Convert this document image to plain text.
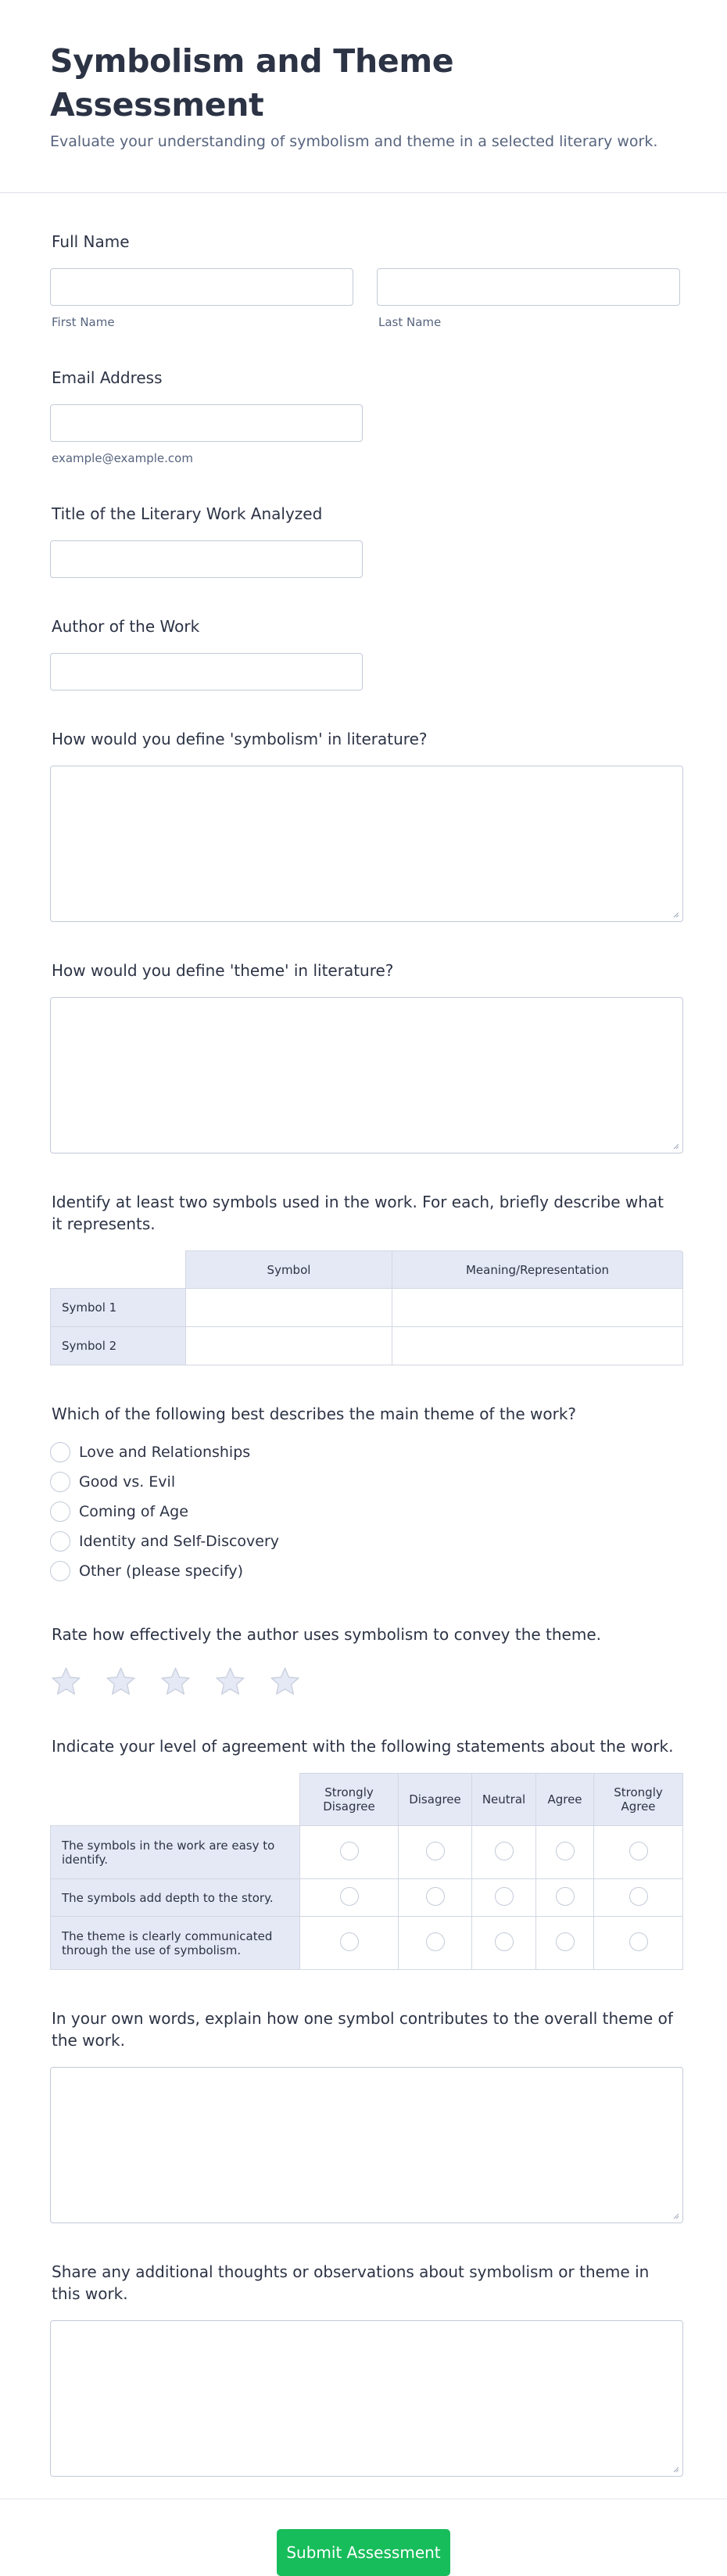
Symbolism and Theme Assessment

Evaluate your understanding of symbolism and theme in a selected literary work.

Full Name
First Name	Last Name
Email Address
example@example.com
Title of the Literary Work Analyzed
Author of the Work
How would you define 'symbolism' in literature?
How would you define 'theme' in literature?
Identify at least two symbols used in the work. For each, briefly describe what it represents.
	Symbol	Meaning/Representation
Symbol 1		
Symbol 2		
Which of the following best describes the main theme of the work?
Love and Relationships
Good vs. Evil
Coming of Age
Identity and Self-Discovery
Other (please specify)
Rate how effectively the author uses symbolism to convey the theme.
Indicate your level of agreement with the following statements about the work.
	Strongly Disagree	Disagree	Neutral	Agree	Strongly Agree
The symbols in the work are easy to identify.					
The symbols add depth to the story.					
The theme is clearly communicated through the use of symbolism.					
In your own words, explain how one symbol contributes to the overall theme of the work.
Share any additional thoughts or observations about symbolism or theme in this work.
Submit Assessment
